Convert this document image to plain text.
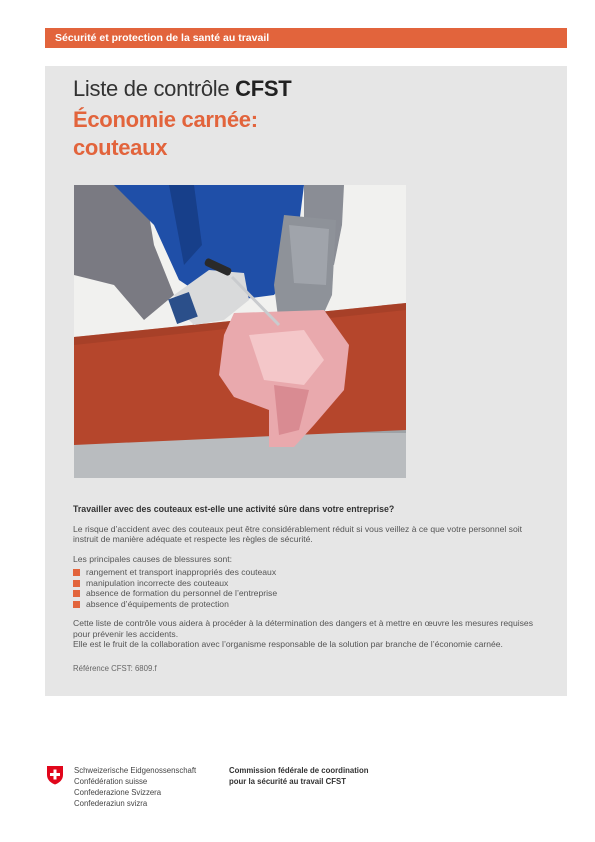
Sécurité et protection de la santé au travail
Liste de contrôle CFST
Économie carnée:
couteaux
Travailler avec des couteaux est-elle une activité sûre dans votre entreprise?

Le risque d’accident avec des couteaux peut être considérablement réduit si vous veillez à ce que votre personnel soit instruit de manière adéquate et respecte les règles de sécurité.

Les principales causes de blessures sont:

rangement et transport inappropriés des couteaux
manipulation incorrecte des couteaux
absence de formation du personnel de l’entreprise
absence d’équipements de protection

Cette liste de contrôle vous aidera à procéder à la détermination des dangers et à mettre en œuvre les mesures requises pour prévenir les accidents.

Elle est le fruit de la collaboration avec l’organisme responsable de la solution par branche de l’économie carnée.

Référence CFST: 6809.f
Schweizerische Eidgenossenschaft
Confédération suisse
Confederazione Svizzera
Confederaziun svizra
Commission fédérale de coordination
pour la sécurité au travail CFST
